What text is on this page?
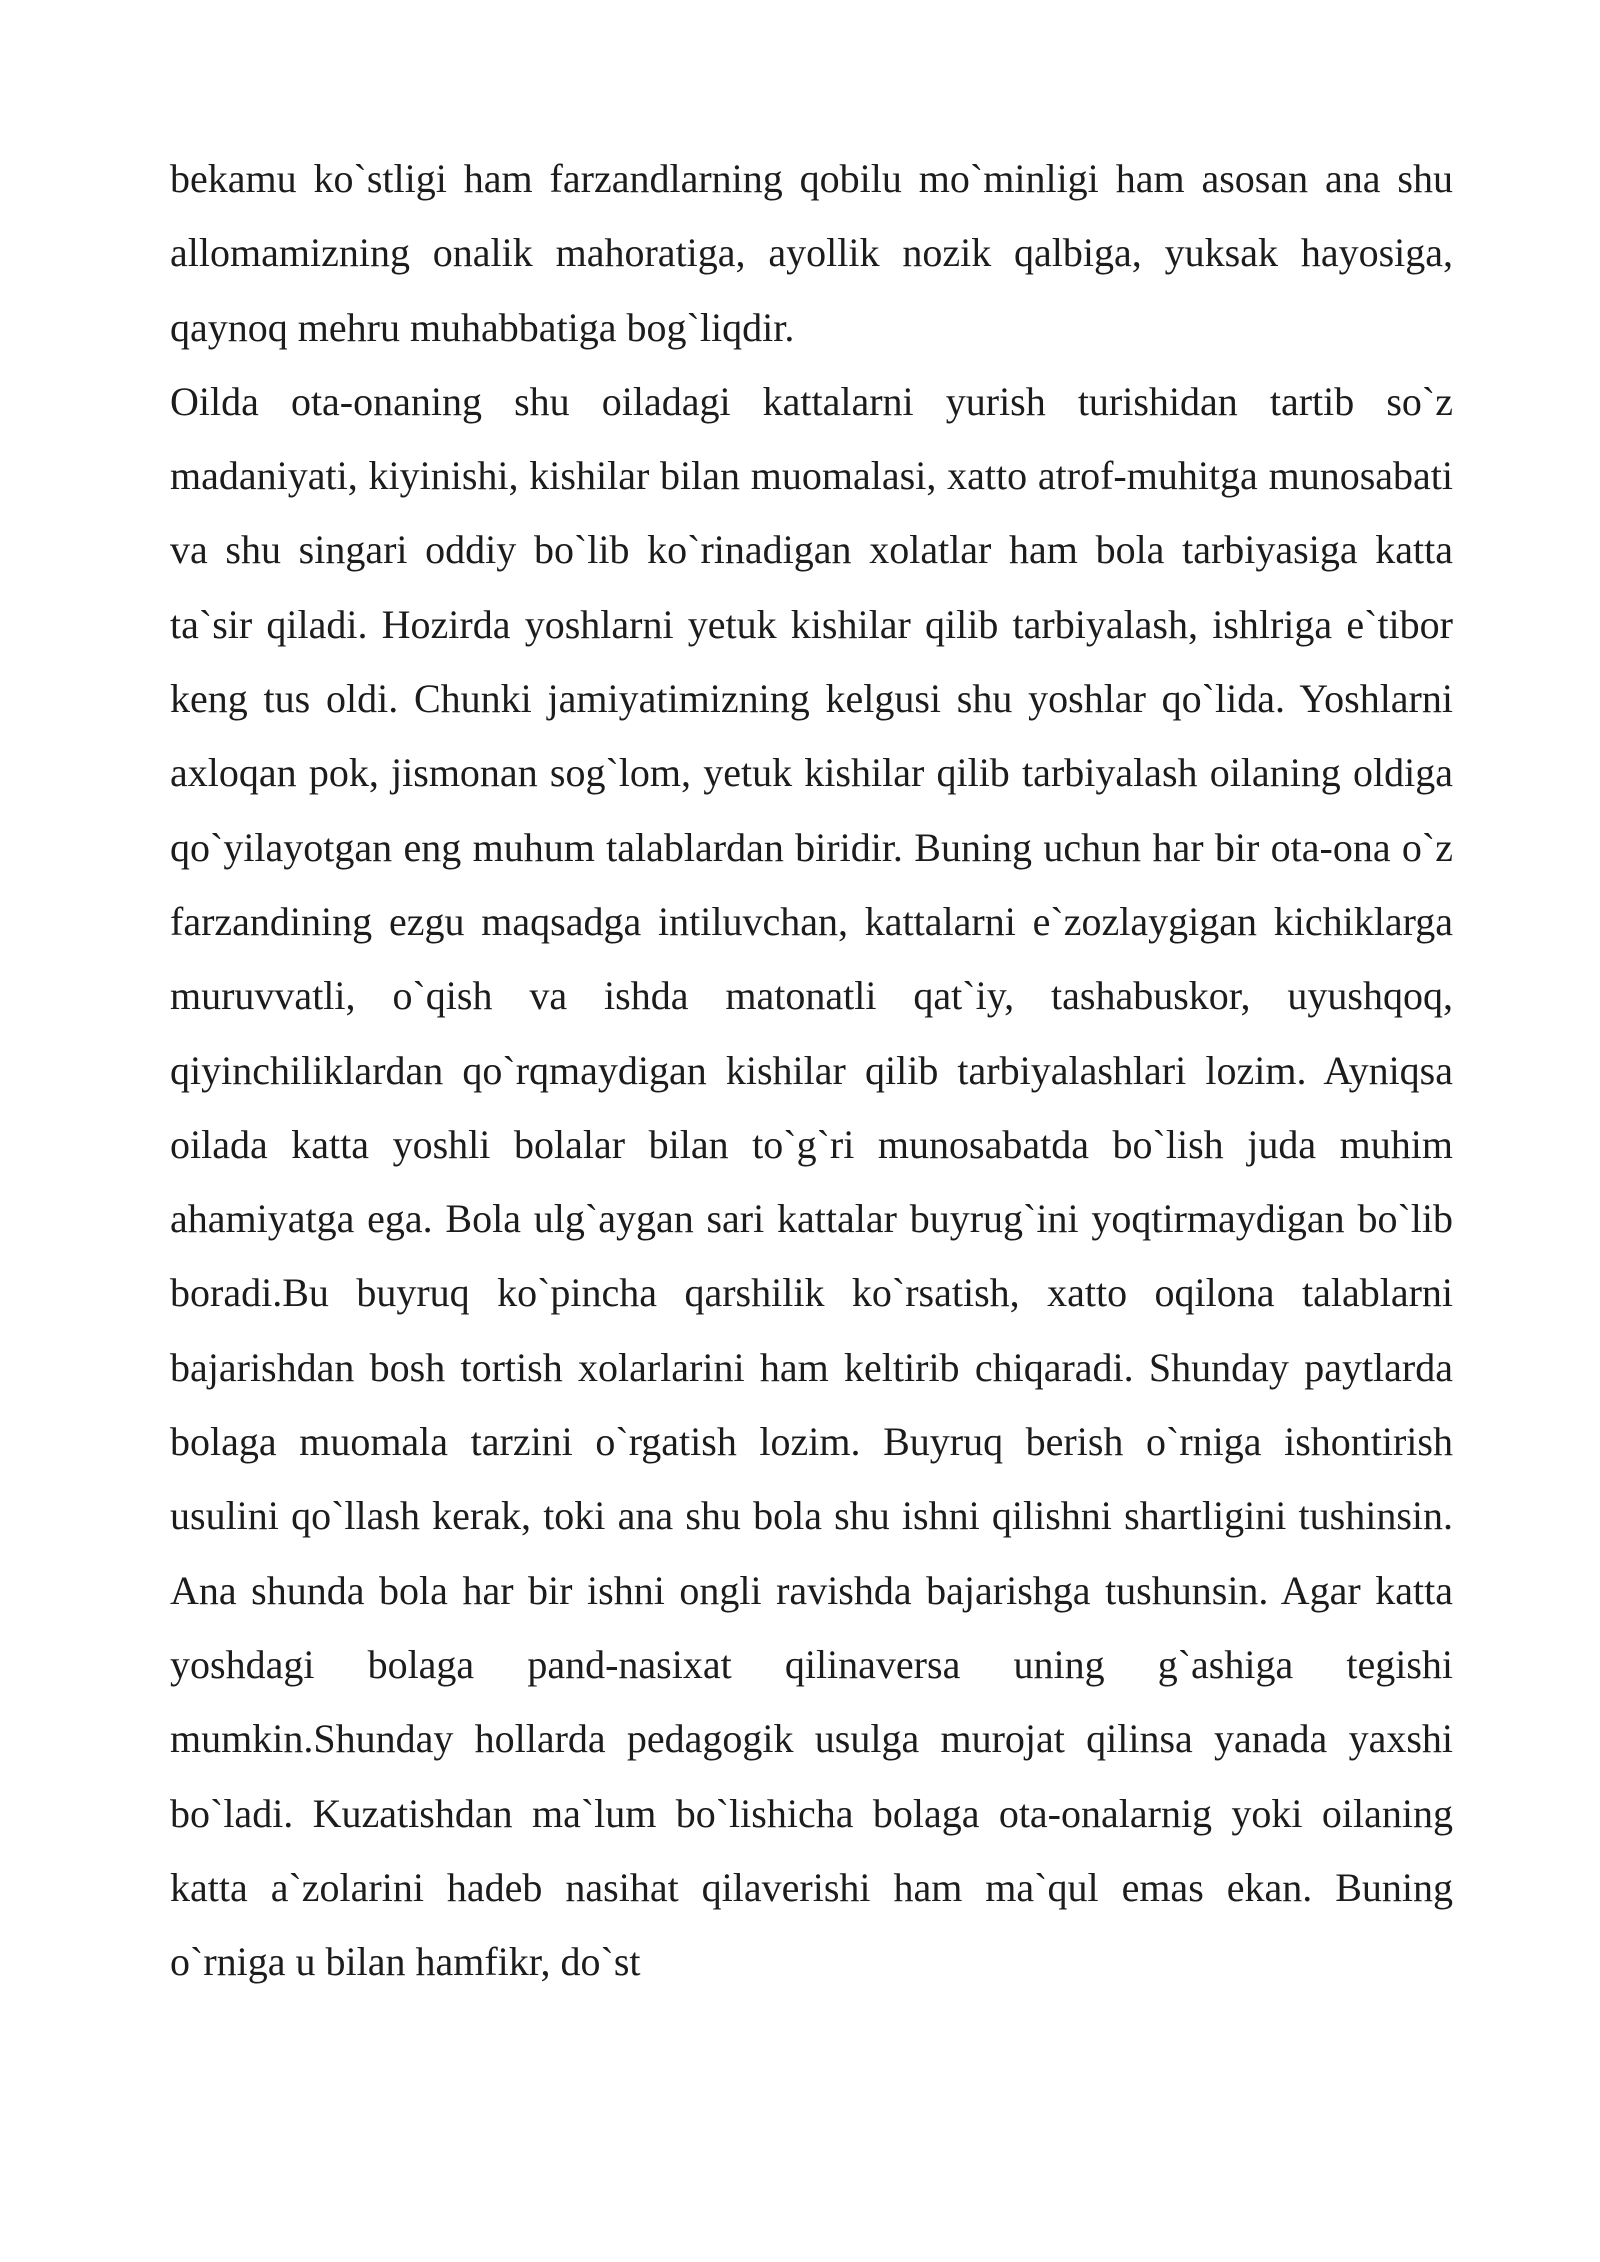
bekamu ko`stligi ham farzandlarning qobilu mo`minligi ham asosan ana shu allomamizning onalik mahoratiga, ayollik nozik qalbiga, yuksak hayosiga, qaynoq mehru muhabbatiga bog`liqdir.

Oilda ota-onaning shu oiladagi kattalarni yurish turishidan tartib so`z madaniyati, kiyinishi, kishilar bilan muomalasi, xatto atrof-muhitga munosabati va shu singari oddiy bo`lib ko`rinadigan xolatlar ham bola tarbiyasiga katta ta`sir qiladi. Hozirda yoshlarni yetuk kishilar qilib tarbiyalash, ishlriga e`tibor keng tus oldi. Chunki jamiyatimizning kelgusi shu yoshlar qo`lida. Yoshlarni axloqan pok, jismonan sog`lom, yetuk kishilar qilib tarbiyalash oilaning oldiga qo`yilayotgan eng muhum talablardan biridir. Buning uchun har bir ota-ona o`z farzandining ezgu maqsadga intiluvchan, kattalarni e`zozlaygigan kichiklarga muruvvatli, o`qish va ishda matonatli qat`iy, tashabuskor, uyushqoq, qiyinchiliklardan qo`rqmaydigan kishilar qilib tarbiyalashlari lozim. Ayniqsa oilada katta yoshli bolalar bilan to`g`ri munosabatda bo`lish juda muhim ahamiyatga ega. Bola ulg`aygan sari kattalar buyrug`ini yoqtirmaydigan bo`lib boradi.Bu buyruq ko`pincha qarshilik ko`rsatish, xatto oqilona talablarni bajarishdan bosh tortish xolarlarini ham keltirib chiqaradi. Shunday paytlarda bolaga muomala tarzini o`rgatish lozim. Buyruq berish o`rniga ishontirish usulini qo`llash kerak, toki ana shu bola shu ishni qilishni shartligini tushinsin. Ana shunda bola har bir ishni ongli ravishda bajarishga tushunsin. Agar katta yoshdagi bolaga pand-nasixat qilinaversa uning g`ashiga tegishi mumkin.Shunday hollarda pedagogik usulga murojat qilinsa yanada yaxshi bo`ladi. Kuzatishdan ma`lum bo`lishicha bolaga ota-onalarnig yoki oilaning katta a`zolarini hadeb nasihat qilaverishi ham ma`qul emas ekan. Buning o`rniga u bilan hamfikr, do`st
